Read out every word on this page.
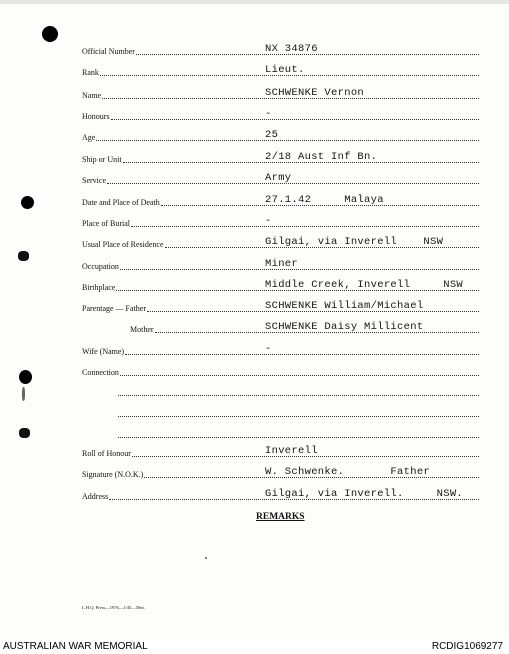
Official Number	NX 34876
Rank	Lieut.
Name	SCHWENKE Vernon
Honours	-
Age	25
Ship or Unit	2/18 Aust Inf Bn.
Service	Army
Date and Place of Death	27.1.42     Malaya
Place of Burial	-
Usual Place of Residence	Gilgai, via Inverell    NSW
Occupation	Miner
Birthplace	Middle Creek, Inverell     NSW
Parentage — Father	SCHWENKE William/Michael
Mother	SCHWENKE Daisy Millicent
Wife (Name)	-
Connection
Roll of Honour	Inverell
Signature (N.O.K.)	W. Schwenke.       Father
Address	Gilgai, via Inverell.     NSW.
REMARKS
L.H.Q. Press—1976—1/45—50m.
AUSTRALIAN WAR MEMORIAL	RCDIG1069277
